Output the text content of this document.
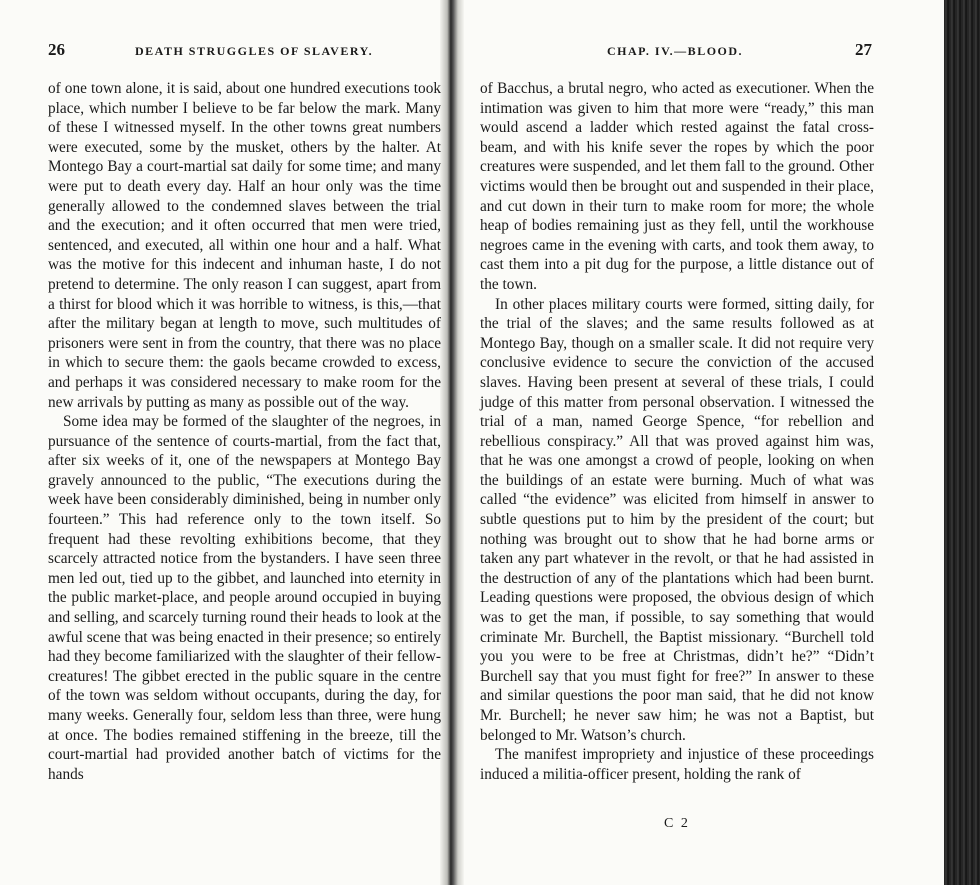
26	DEATH STRUGGLES OF SLAVERY.

of one town alone, it is said, about one hundred executions took place, which number I believe to be far below the mark. Many of these I witnessed myself. In the other towns great numbers were executed, some by the musket, others by the halter. At Montego Bay a court-martial sat daily for some time; and many were put to death every day. Half an hour only was the time generally allowed to the condemned slaves between the trial and the execution; and it often occurred that men were tried, sentenced, and executed, all within one hour and a half. What was the motive for this indecent and inhuman haste, I do not pretend to determine. The only reason I can suggest, apart from a thirst for blood which it was horrible to witness, is this,—that after the military began at length to move, such multitudes of prisoners were sent in from the country, that there was no place in which to secure them: the gaols became crowded to excess, and perhaps it was considered necessary to make room for the new arrivals by putting as many as possible out of the way.

Some idea may be formed of the slaughter of the negroes, in pursuance of the sentence of courts-martial, from the fact that, after six weeks of it, one of the newspapers at Montego Bay gravely announced to the public, “The executions during the week have been considerably diminished, being in number only fourteen.” This had reference only to the town itself. So frequent had these revolting exhibitions become, that they scarcely attracted notice from the bystanders. I have seen three men led out, tied up to the gibbet, and launched into eternity in the public market-place, and people around occupied in buying and selling, and scarcely turning round their heads to look at the awful scene that was being enacted in their presence; so entirely had they become familiarized with the slaughter of their fellow-creatures! The gibbet erected in the public square in the centre of the town was seldom without occupants, during the day, for many weeks. Generally four, seldom less than three, were hung at once. The bodies remained stiffening in the breeze, till the court-martial had provided another batch of victims for the hands

CHAP. IV.—BLOOD.	27

of Bacchus, a brutal negro, who acted as executioner. When the intimation was given to him that more were “ready,” this man would ascend a ladder which rested against the fatal cross-beam, and with his knife sever the ropes by which the poor creatures were suspended, and let them fall to the ground. Other victims would then be brought out and suspended in their place, and cut down in their turn to make room for more; the whole heap of bodies remaining just as they fell, until the workhouse negroes came in the evening with carts, and took them away, to cast them into a pit dug for the purpose, a little distance out of the town.

In other places military courts were formed, sitting daily, for the trial of the slaves; and the same results followed as at Montego Bay, though on a smaller scale. It did not require very conclusive evidence to secure the conviction of the accused slaves. Having been present at several of these trials, I could judge of this matter from personal observation. I witnessed the trial of a man, named George Spence, “for rebellion and rebellious conspiracy.” All that was proved against him was, that he was one amongst a crowd of people, looking on when the buildings of an estate were burning. Much of what was called “the evidence” was elicited from himself in answer to subtle questions put to him by the president of the court; but nothing was brought out to show that he had borne arms or taken any part whatever in the revolt, or that he had assisted in the destruction of any of the plantations which had been burnt. Leading questions were proposed, the obvious design of which was to get the man, if possible, to say something that would criminate Mr. Burchell, the Baptist missionary. “Burchell told you you were to be free at Christmas, didn’t he?” “Didn’t Burchell say that you must fight for free?” In answer to these and similar questions the poor man said, that he did not know Mr. Burchell; he never saw him; he was not a Baptist, but belonged to Mr. Watson’s church.

The manifest impropriety and injustice of these proceedings induced a militia-officer present, holding the rank of

C 2
